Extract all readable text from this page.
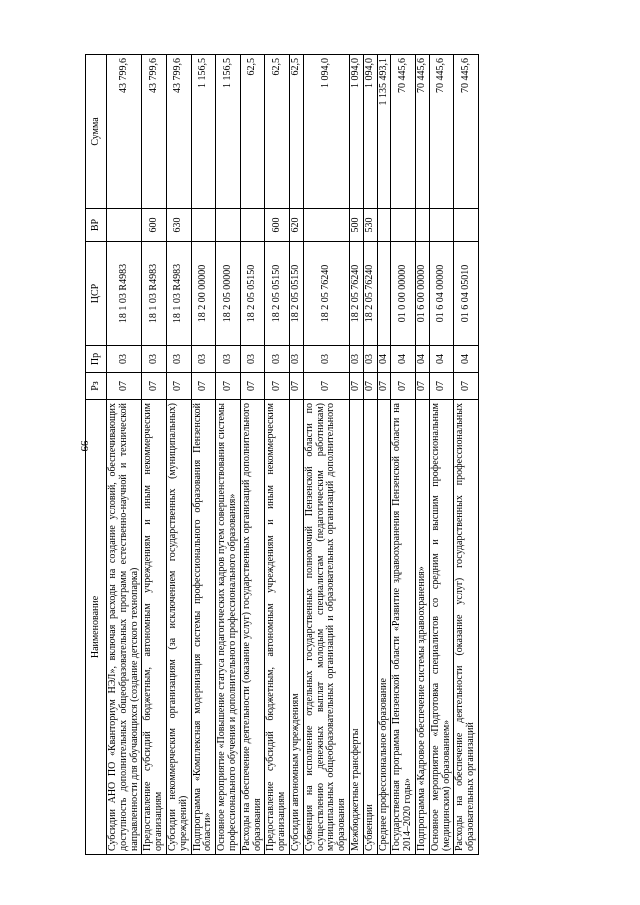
99
Наименование	Рз	Пр	ЦСР	ВР	Сумма
Субсидии АНО ПО «Кванториум НЭЛ», включая расходы на создание условий, обеспечивающих доступность дополнительных общеобразовательных программ естественно-научной и технической направленности для обучающихся (создание детского технопарка)	07	03	18 1 03 R4983		43 799,6
Предоставление субсидий бюджетным, автономным учреждениям и иным некоммерческим организациям	07	03	18 1 03 R4983	600	43 799,6
Субсидии некоммерческим организациям (за исключением государственных (муниципальных) учреждений)	07	03	18 1 03 R4983	630	43 799,6
Подпрограмма «Комплексная модернизация системы профессионального образования Пензенской области»	07	03	18 2 00 00000		1 156,5
Основное мероприятие «Повышение статуса педагогических кадров путем совершенствования системы профессионального обучения и дополнительного профессионального образования»	07	03	18 2 05 00000		1 156,5
Расходы на обеспечение деятельности (оказание услуг) государственных организаций дополнительного образования	07	03	18 2 05 05150		62,5
Предоставление субсидий бюджетным, автономным учреждениям и иным некоммерческим организациям	07	03	18 2 05 05150	600	62,5
Субсидии автономным учреждениям	07	03	18 2 05 05150	620	62,5
Субвенция на исполнение отдельных государственных полномочий Пензенской области по осуществлению денежных выплат молодым специалистам (педагогическим работникам) муниципальных общеобразовательных организаций и образовательных организаций дополнительного образования	07	03	18 2 05 76240		1 094,0
Межбюджетные трансферты	07	03	18 2 05 76240	500	1 094,0
Субвенции	07	03	18 2 05 76240	530	1 094,0
Среднее профессиональное образование	07	04			1 135 493,1
Государственная программа Пензенской области «Развитие здравоохранения Пензенской области на 2014–2020 годы»	07	04	01 0 00 00000		70 445,6
Подпрограмма «Кадровое обеспечение системы здравоохранения»	07	04	01 6 00 00000		70 445,6
Основное мероприятие «Подготовка специалистов со средним и высшим профессиональным (медицинским) образованием»	07	04	01 6 04 00000		70 445,6
Расходы на обеспечение деятельности (оказание услуг) государственных профессиональных образовательных организаций	07	04	01 6 04 05010		70 445,6
